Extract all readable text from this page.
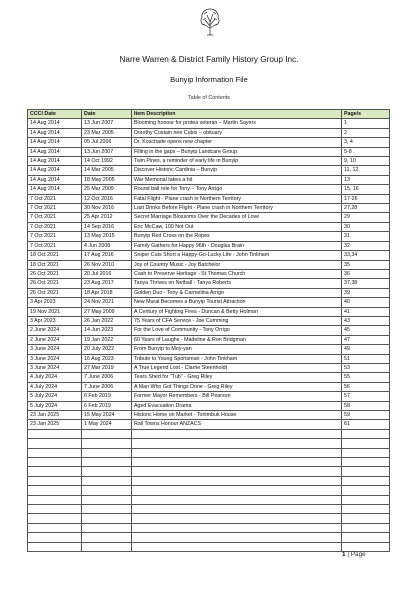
Narre Warren & District Family History Group Inc.
Bunyip Information File
Table of Contents
CCCI Date	Date	Item Description	Page/s
14 Aug 2014	13 Jun 2007	Blooming honour for protea veteran – Martin Sayers	1
14 Aug 2014	23 Mar 2005	Dorothy Costain nee Cubis – obituary	2
14 Aug 2014	05 Jul 2006	Dr. Koschade opens new chapter	3, 4
14 Aug 2014	13 Jun 2007	Filling in the gaps – Bunyip Landcare Group	5-8
14 Aug 2014	14 Oct 1992	Twin Pines, a reminder of early life in Bunyip	9, 10
14 Aug 2014	14 Mar 2005	Discover Historic Cardinia – Bunyip	11, 12
14 Aug 2014	18 May 2005	War Memorial takes a hit	13
14 Aug 2014	25 Mar 2009	Round ball role for Tony – Tony Arrigo	15, 16
7 Oct 2021	12 Oct 2016	Fatal Flight - Plane crash in Northern Territory	17-26
7 Oct 2021	30 Nov 2016	Last Drinks Before Flight - Plane crash in Northern Territory	27,28
7 Oct 2021	25 Apr 2012	Secret Marriage Blossoms Over the Decades of Love	29
7 Oct 2021	14 Sep 2016	Eric McCaw, 100 Not Out	30
7 Oct 2021	13 May 2015	Bunyip Red Cross on the Ropes	31
7 Oct 2021	4 Jun 2008	Family Gathers for Happy 96th - Douglas Brain	32
18 Oct 2021	17 Aug 2016	Sniper Cuts Short a Happy-Go-Lucky Life - John Tinkham	33,34
18 Oct 2021	26 Nov 2010	Joy of Country Music - Joy Batchelor	35
26 Oct 2021	20 Jul 2016	Cash to Preserve Heritage - St Thomas Church	36
26 Oct 2021	23 Aug 2017	Tanya Thrives on Netball - Tanya Roberts	37,38
26 Oct 2021	18 Apr 2018	Golden Duo - Tony & Carmelina Arrigo	39
3 Apr 2023	24 Nov 2021	New Mural Becomes a Bunyip Tourist Attraction	40
19 Nov 2021	27 May 2009	A Century of Fighting Fires - Duncan & Betty Holman	41
3 Apr 2023	26 Jan 2022	75 Years of CFA Service - Joe Cumming	43
2 June 2024	14 Jun 2023	For the Love of Community - Tony Orrigo	45
2 June 2024	19 Jan 2022	60 Years of Laughs - Madeline & Ron Bridgman	47
3 June 2024	20 July 2022	From Bunyip to Moy-yan	49
3 June 2024	16 Aug 2023	Tribute to Young Sportsman - John Tinkham	51
3 June 2024	27 Mar 2019	A True Legend Lost - Clarrie Steenholdt	53
4 July 2024	7 June 2006	Tears Shed for "Tub" - Greg Riley	55
4 July 2024	7 June 2006	A Man Who Got Things Done - Greg Riley	56
5 July 2024	6 Feb 2019	Former Mayor Remembers - Bill Pearson	57
5 July 2024	6 Feb 2019	Aged Evacuation Drama	58
23 Jan 2025	15 May 2024	Historic Home on Market - Tonimbuk House	59
23 Jan 2025	1 May 2024	Rail Towns Honour ANZACS	61

1 | Page
